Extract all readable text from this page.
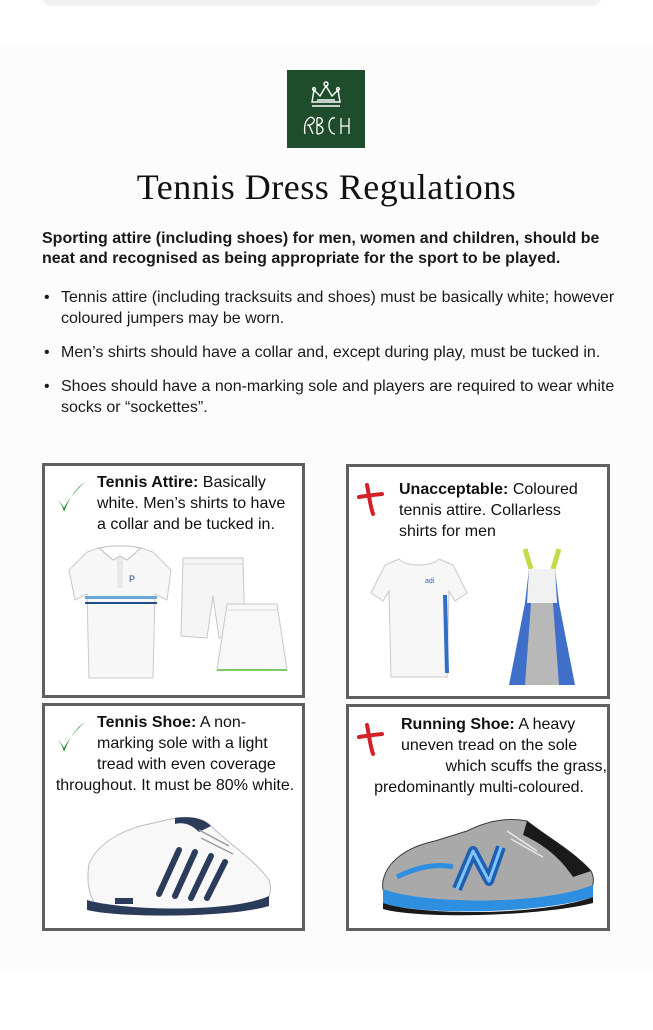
Tennis Dress Regulations
Sporting attire (including shoes) for men, women and children, should be neat and recognised as being appropriate for the sport to be played.
• Tennis attire (including tracksuits and shoes) must be basically white; however coloured jumpers may be worn.
• Men’s shirts should have a collar and, except during play, must be tucked in.
• Shoes should have a non-marking sole and players are required to wear white socks or “sockettes”.
Tennis Attire: Basically
white. Men’s shirts to have
a collar and be tucked in.
P
Unacceptable: Coloured
tennis attire. Collarless
shirts for men
adi
Tennis Shoe: A non-
marking sole with a light
tread with even coverage
throughout. It must be 80% white.
Running Shoe: A heavy
uneven tread on the sole
which scuffs the grass,
predominantly multi-coloured.
